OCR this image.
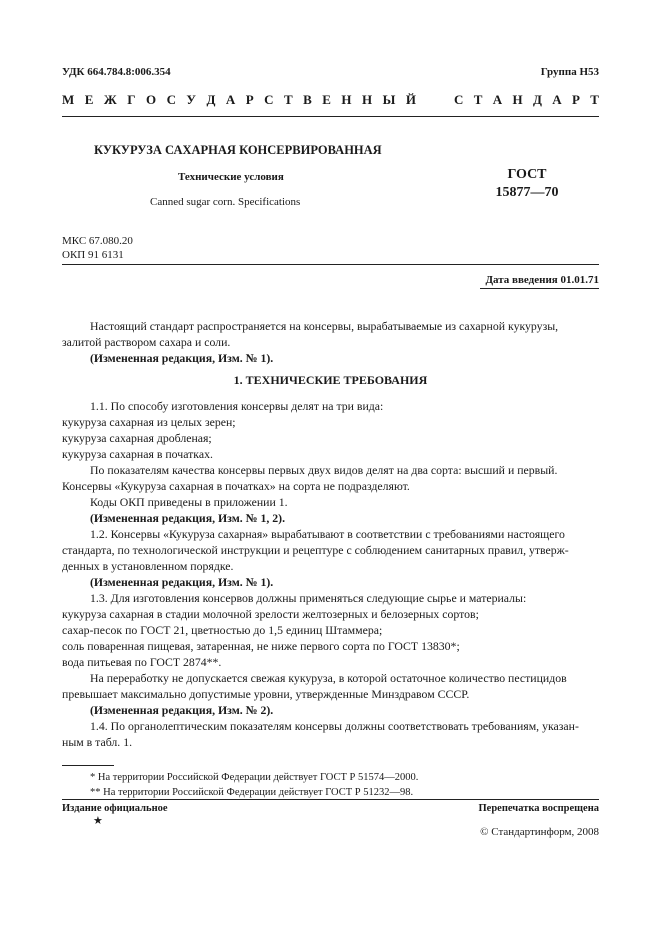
УДК 664.784.8:006.354	Группа Н53
М Е Ж Г О С У Д А Р С Т В Е Н Н Ы Й	С Т А Н Д А Р Т
КУКУРУЗА САХАРНАЯ КОНСЕРВИРОВАННАЯ
Технические условия
Canned sugar corn. Specifications
ГОСТ
15877—70
МКС 67.080.20
ОКП 91 6131
Дата введения 01.01.71

Настоящий стандарт распространяется на консервы, вырабатываемые из сахарной кукурузы,

залитой раствором сахара и соли.

(Измененная редакция, Изм. № 1).

1. ТЕХНИЧЕСКИЕ ТРЕБОВАНИЯ

1.1. По способу изготовления консервы делят на три вида:

кукуруза сахарная из целых зерен;

кукуруза сахарная дробленая;

кукуруза сахарная в початках.

По показателям качества консервы первых двух видов делят на два сорта: высший и первый.

Консервы «Кукуруза сахарная в початках» на сорта не подразделяют.

Коды ОКП приведены в приложении 1.

(Измененная редакция, Изм. № 1, 2).

1.2. Консервы «Кукуруза сахарная» вырабатывают в соответствии с требованиями настоящего

стандарта, по технологической инструкции и рецептуре с соблюдением санитарных правил, утверж-

денных в установленном порядке.

(Измененная редакция, Изм. № 1).

1.3. Для изготовления консервов должны применяться следующие сырье и материалы:

кукуруза сахарная в стадии молочной зрелости желтозерных и белозерных сортов;

сахар-песок по ГОСТ 21, цветностью до 1,5 единиц Штаммера;

соль поваренная пищевая, затаренная, не ниже первого сорта по ГОСТ 13830*;

вода питьевая по ГОСТ 2874**.

На переработку не допускается свежая кукуруза, в которой остаточное количество пестицидов

превышает максимально допустимые уровни, утвержденные Минздравом СССР.

(Измененная редакция, Изм. № 2).

1.4. По органолептическим показателям консервы должны соответствовать требованиям, указан-

ным в табл. 1.

* На территории Российской Федерации действует ГОСТ Р 51574—2000.
** На территории Российской Федерации действует ГОСТ Р 51232—98.
Издание официальное	Перепечатка воспрещена
★
© Стандартинформ, 2008
